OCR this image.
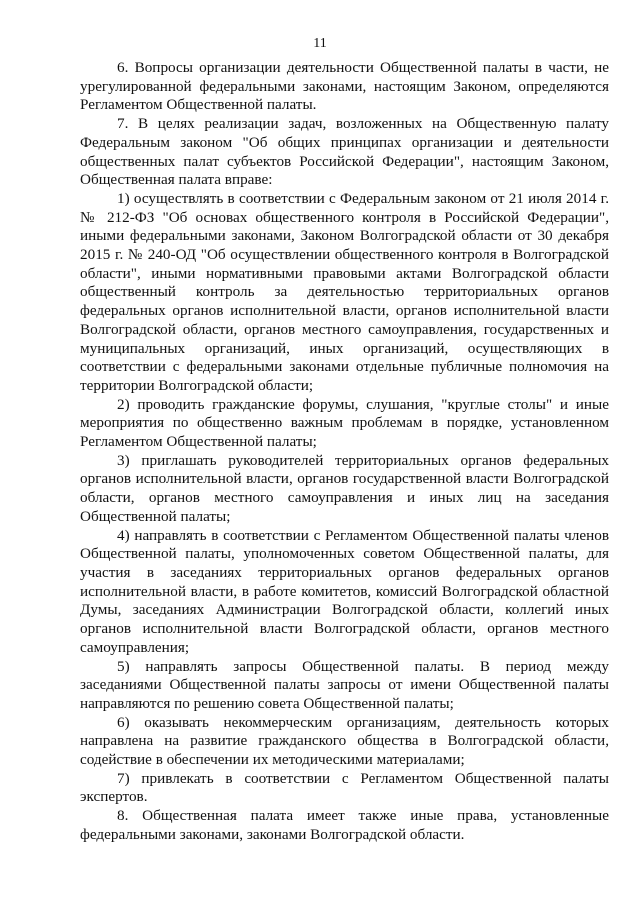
11

6. Вопросы организации деятельности Общественной палаты в части, не урегулированной федеральными законами, настоящим Законом, определяются Регламентом Общественной палаты.

7. В целях реализации задач, возложенных на Общественную палату Федеральным законом "Об общих принципах организации и деятельности общественных палат субъектов Российской Федерации", настоящим Законом, Общественная палата вправе:

1) осуществлять в соответствии с Федеральным законом от 21 июля 2014 г. № 212-ФЗ "Об основах общественного контроля в Российской Федерации", иными федеральными законами, Законом Волгоградской области от 30 декабря 2015 г. № 240-ОД "Об осуществлении общественного контроля в Волгоградской области", иными нормативными правовыми актами Волгоградской области общественный контроль за деятельностью территориальных органов федеральных органов исполнительной власти, органов исполнительной власти Волгоградской области, органов местного самоуправления, государственных и муниципальных организаций, иных организаций, осуществляющих в соответствии с федеральными законами отдельные публичные полномочия на территории Волгоградской области;

2) проводить гражданские форумы, слушания, "круглые столы" и иные мероприятия по общественно важным проблемам в порядке, установленном Регламентом Общественной палаты;

3) приглашать руководителей территориальных органов федеральных органов исполнительной власти, органов государственной власти Волгоградской области, органов местного самоуправления и иных лиц на заседания Общественной палаты;

4) направлять в соответствии с Регламентом Общественной палаты членов Общественной палаты, уполномоченных советом Общественной палаты, для участия в заседаниях территориальных органов федеральных органов исполнительной власти, в работе комитетов, комиссий Волгоградской областной Думы, заседаниях Администрации Волгоградской области, коллегий иных органов исполнительной власти Волгоградской области, органов местного самоуправления;

5) направлять запросы Общественной палаты. В период между заседаниями Общественной палаты запросы от имени Общественной палаты направляются по решению совета Общественной палаты;

6) оказывать некоммерческим организациям, деятельность которых направлена на развитие гражданского общества в Волгоградской области, содействие в обеспечении их методическими материалами;

7) привлекать в соответствии с Регламентом Общественной палаты экспертов.

8. Общественная палата имеет также иные права, установленные федеральными законами, законами Волгоградской области.
